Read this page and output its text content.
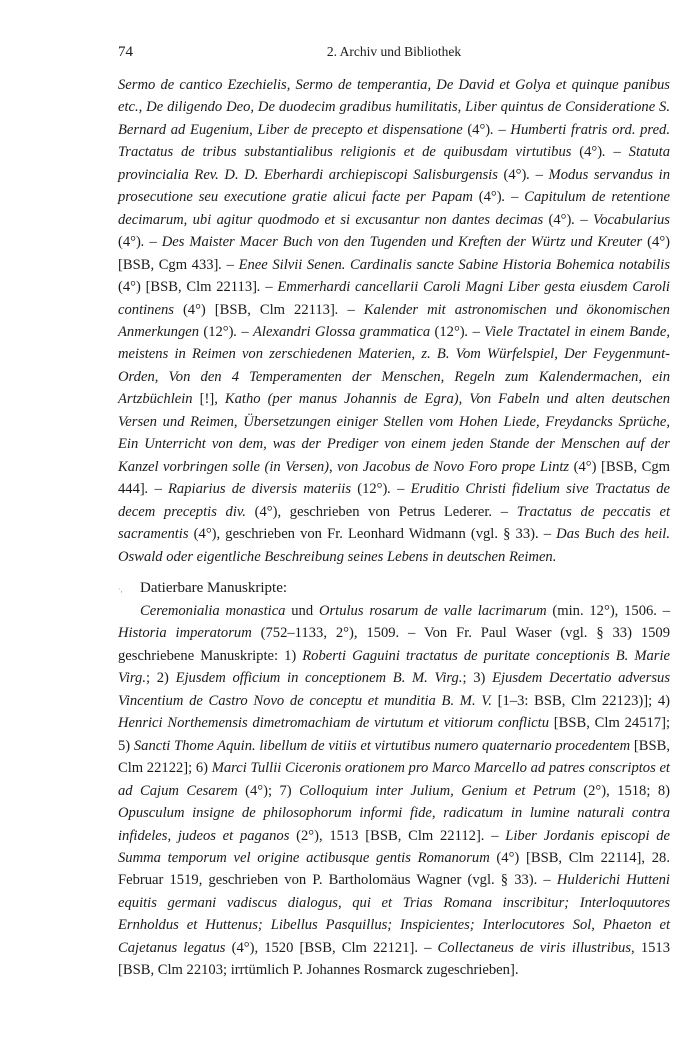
74	2. Archiv und Bibliothek

Sermo de cantico Ezechielis, Sermo de temperantia, De David et Golya et quinque panibus etc., De diligendo Deo, De duodecim gradibus humilitatis, Liber quintus de Consideratione S. Bernard ad Eugenium, Liber de precepto et dispensatione (4°). – Humberti fratris ord. pred. Tractatus de tribus substantialibus religionis et de quibusdam virtutibus (4°). – Statuta provincialia Rev. D. D. Eberhardi archiepiscopi Salisburgensis (4°). – Modus servandus in prosecutione seu executione gratie alicui facte per Papam (4°). – Capitulum de retentione decimarum, ubi agitur quodmodo et si excusantur non dantes decimas (4°). – Vocabularius (4°). – Des Maister Macer Buch von den Tugenden und Kreften der Würtz und Kreuter (4°) [BSB, Cgm 433]. – Enee Silvii Senen. Cardinalis sancte Sabine Historia Bohemica notabilis (4°) [BSB, Clm 22113]. – Emmerhardi cancellarii Caroli Magni Liber gesta eiusdem Caroli continens (4°) [BSB, Clm 22113]. – Kalender mit astronomischen und ökonomischen Anmerkungen (12°). – Alexandri Glossa grammatica (12°). – Viele Tractatel in einem Bande, meistens in Reimen von zerschiedenen Materien, z. B. Vom Würfelspiel, Der Feygenmunt-Orden, Von den 4 Temperamenten der Menschen, Regeln zum Kalendermachen, ein Artzbüchlein [!], Katho (per manus Johannis de Egra), Von Fabeln und alten deutschen Versen und Reimen, Übersetzungen einiger Stellen vom Hohen Liede, Freydancks Sprüche, Ein Unterricht von dem, was der Prediger von einem jeden Stande der Menschen auf der Kanzel vorbringen solle (in Versen), von Jacobus de Novo Foro prope Lintz (4°) [BSB, Cgm 444]. – Rapiarius de diversis materiis (12°). – Eruditio Christi fidelium sive Tractatus de decem preceptis div. (4°), geschrieben von Petrus Lederer. – Tractatus de peccatis et sacramentis (4°), geschrieben von Fr. Leonhard Widmann (vgl. § 33). – Das Buch des heil. Oswald oder eigentliche Beschreibung seines Lebens in deutschen Reimen.

·, Datierbare Manuskripte:

Ceremonialia monastica und Ortulus rosarum de valle lacrimarum (min. 12°), 1506. – Historia imperatorum (752–1133, 2°), 1509. – Von Fr. Paul Waser (vgl. § 33) 1509 geschriebene Manuskripte: 1) Roberti Gaguini tractatus de puritate conceptionis B. Marie Virg.; 2) Ejusdem officium in conceptionem B. M. Virg.; 3) Ejusdem Decertatio adversus Vincentium de Castro Novo de conceptu et munditia B. M. V. [1–3: BSB, Clm 22123)]; 4) Henrici Northemensis dimetromachiam de virtutum et vitiorum conflictu [BSB, Clm 24517]; 5) Sancti Thome Aquin. libellum de vitiis et virtutibus numero quaternario procedentem [BSB, Clm 22122]; 6) Marci Tullii Ciceronis orationem pro Marco Marcello ad patres conscriptos et ad Cajum Cesarem (4°); 7) Colloquium inter Julium, Genium et Petrum (2°), 1518; 8) Opusculum insigne de philosophorum informi fide, radicatum in lumine naturali contra infideles, judeos et paganos (2°), 1513 [BSB, Clm 22112]. – Liber Jordanis episcopi de Summa temporum vel origine actibusque gentis Romanorum (4°) [BSB, Clm 22114], 28. Februar 1519, geschrieben von P. Bartholomäus Wagner (vgl. § 33). – Hulderichi Hutteni equitis germani vadiscus dialogus, qui et Trias Romana inscribitur; Interloquutores Ernholdus et Huttenus; Libellus Pasquillus; Inspicientes; Interlocutores Sol, Phaeton et Cajetanus legatus (4°), 1520 [BSB, Clm 22121]. – Collectaneus de viris illustribus, 1513 [BSB, Clm 22103; irrtümlich P. Johannes Rosmarck zugeschrieben].
